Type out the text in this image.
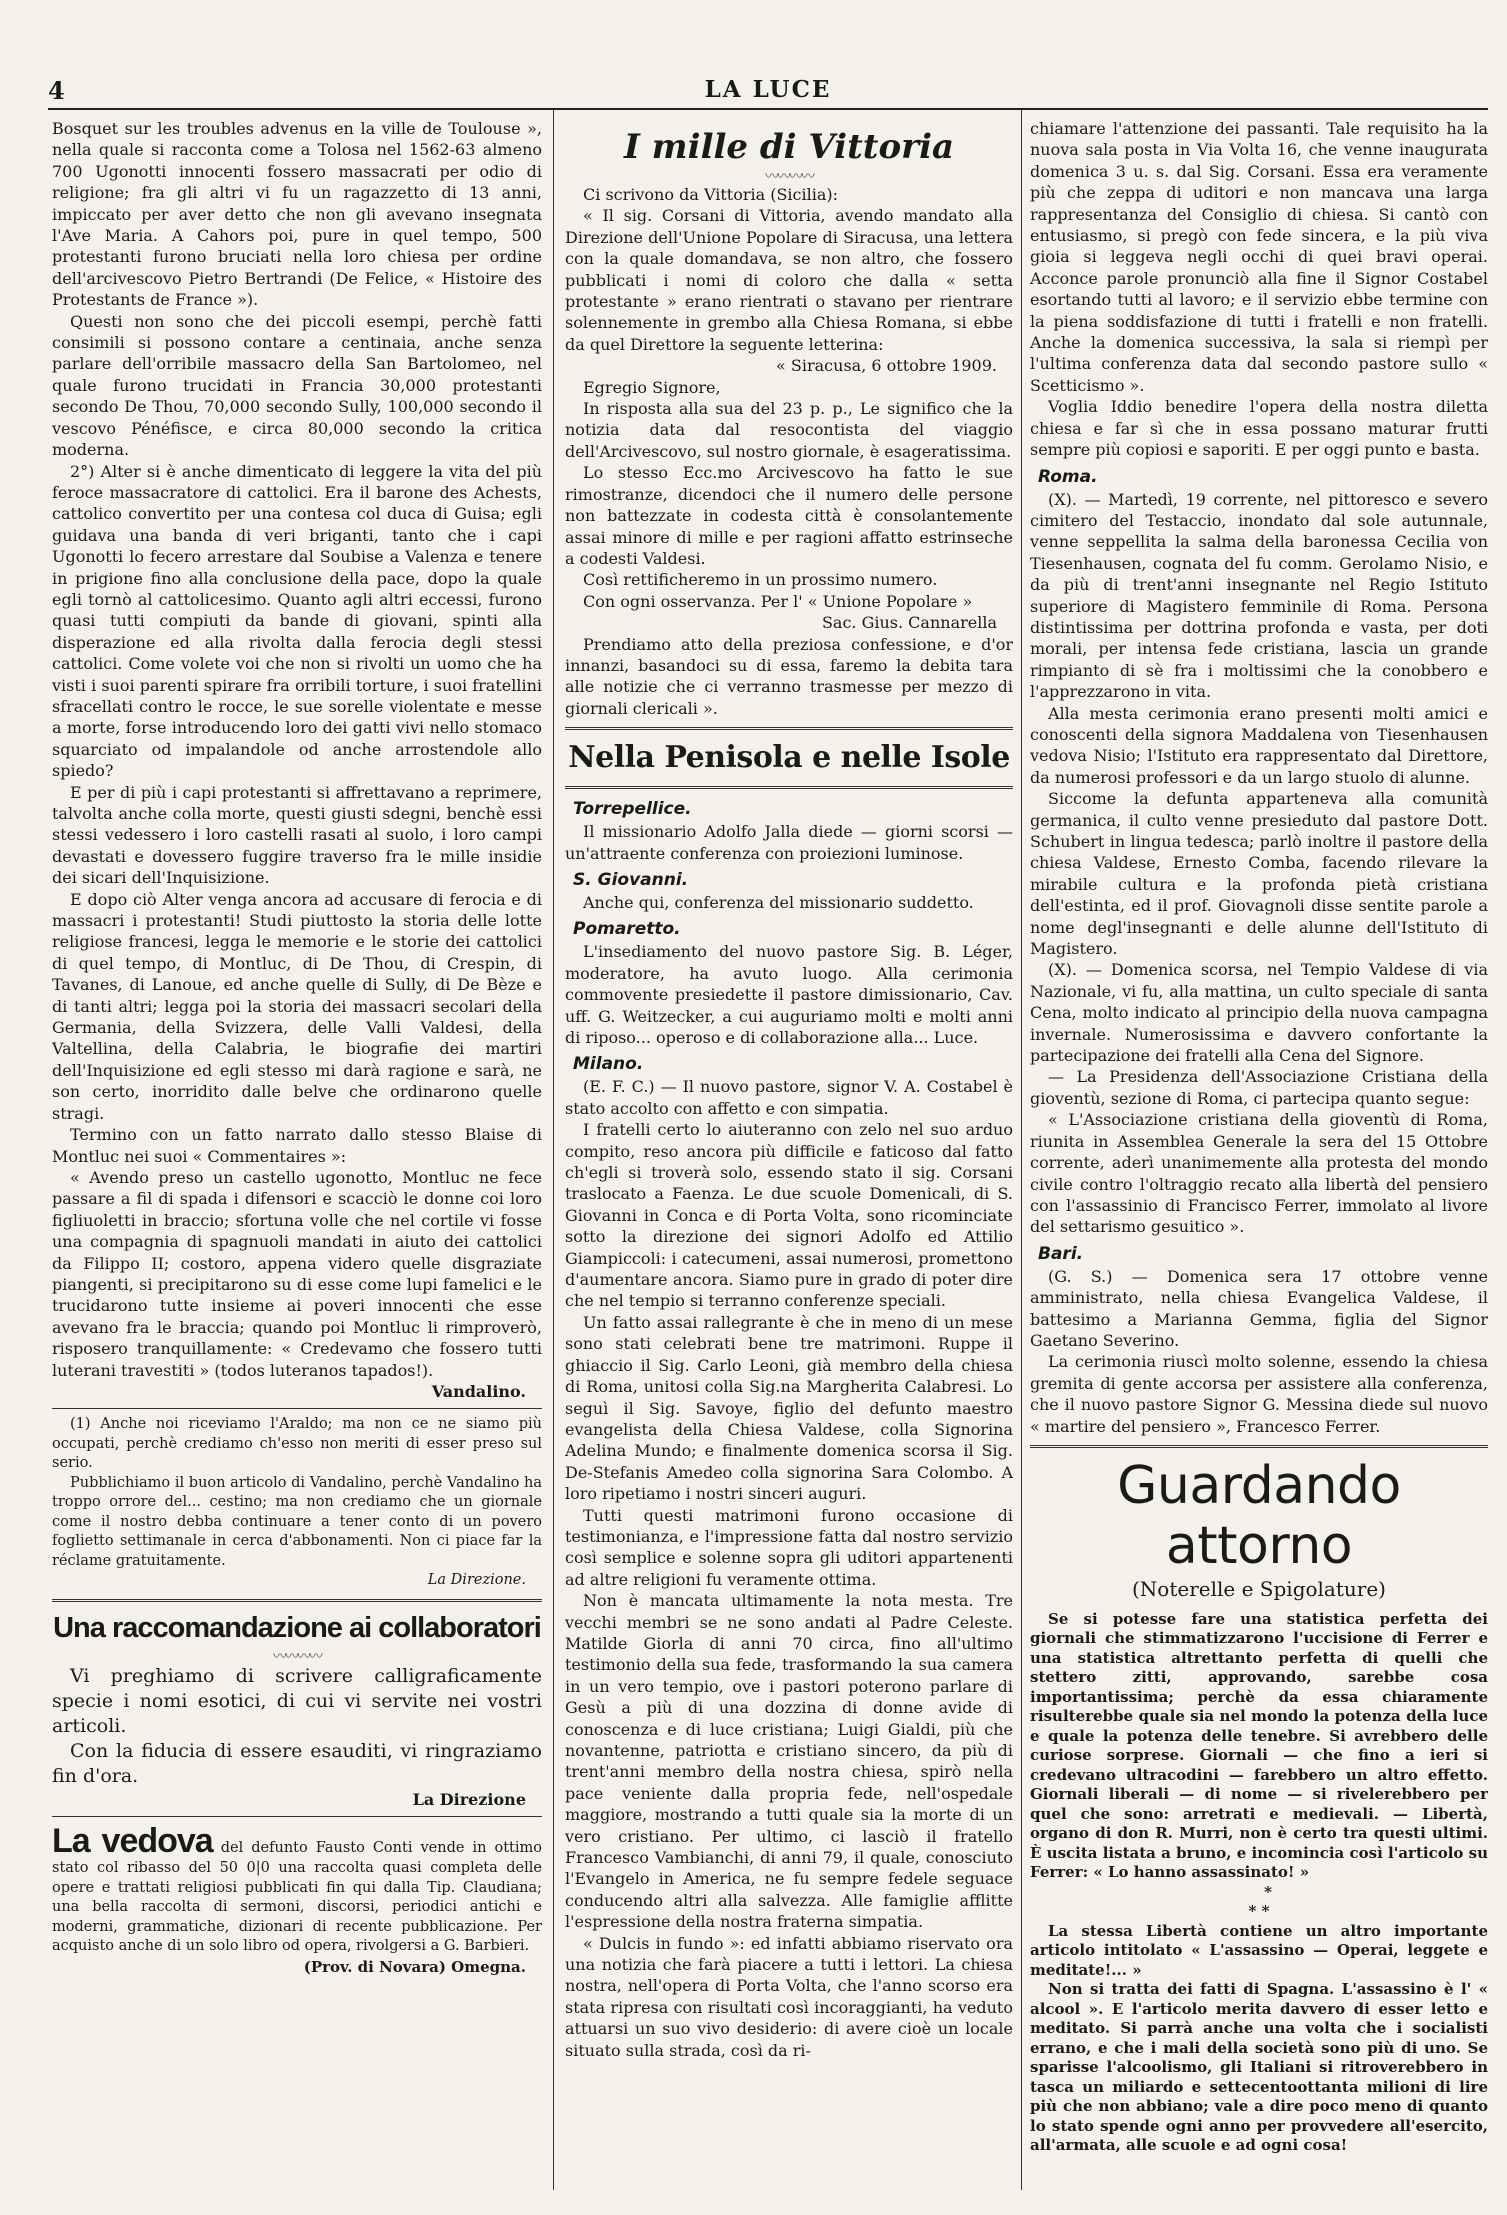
4	LA LUCE

Bosquet sur les troubles advenus en la ville de Toulouse », nella quale si racconta come a Tolosa nel 1562-63 almeno 700 Ugonotti innocenti fossero massacrati per odio di religione; fra gli altri vi fu un ragazzetto di 13 anni, impiccato per aver detto che non gli avevano insegnata l'Ave Maria. A Cahors poi, pure in quel tempo, 500 protestanti furono bruciati nella loro chiesa per ordine dell'arcivescovo Pietro Bertrandi (De Felice, « Histoire des Protestants de France »).

Questi non sono che dei piccoli esempi, perchè fatti consimili si possono contare a centinaia, anche senza parlare dell'orribile massacro della San Bartolomeo, nel quale furono trucidati in Francia 30,000 protestanti secondo De Thou, 70,000 secondo Sully, 100,000 secondo il vescovo Pénéfisce, e circa 80,000 secondo la critica moderna.

2°) Alter si è anche dimenticato di leggere la vita del più feroce massacratore di cattolici. Era il barone des Achests, cattolico convertito per una contesa col duca di Guisa; egli guidava una banda di veri briganti, tanto che i capi Ugonotti lo fecero arrestare dal Soubise a Valenza e tenere in prigione fino alla conclusione della pace, dopo la quale egli tornò al cattolicesimo. Quanto agli altri eccessi, furono quasi tutti compiuti da bande di giovani, spinti alla disperazione ed alla rivolta dalla ferocia degli stessi cattolici. Come volete voi che non si rivolti un uomo che ha visti i suoi parenti spirare fra orribili torture, i suoi fratellini sfracellati contro le rocce, le sue sorelle violentate e messe a morte, forse introducendo loro dei gatti vivi nello stomaco squarciato od impalandole od anche arrostendole allo spiedo?

E per di più i capi protestanti si affrettavano a reprimere, talvolta anche colla morte, questi giusti sdegni, benchè essi stessi vedessero i loro castelli rasati al suolo, i loro campi devastati e dovessero fuggire traverso fra le mille insidie dei sicari dell'Inquisizione.

E dopo ciò Alter venga ancora ad accusare di ferocia e di massacri i protestanti! Studi piuttosto la storia delle lotte religiose francesi, legga le memorie e le storie dei cattolici di quel tempo, di Montluc, di De Thou, di Crespin, di Tavanes, di Lanoue, ed anche quelle di Sully, di De Bèze e di tanti altri; legga poi la storia dei massacri secolari della Germania, della Svizzera, delle Valli Valdesi, della Valtellina, della Calabria, le biografie dei martiri dell'Inquisizione ed egli stesso mi darà ragione e sarà, ne son certo, inorridito dalle belve che ordinarono quelle stragi.

Termino con un fatto narrato dallo stesso Blaise di Montluc nei suoi « Commentaires »:

« Avendo preso un castello ugonotto, Montluc ne fece passare a fil di spada i difensori e scacciò le donne coi loro figliuoletti in braccio; sfortuna volle che nel cortile vi fosse una compagnia di spagnuoli mandati in aiuto dei cattolici da Filippo II; costoro, appena videro quelle disgraziate piangenti, si precipitarono su di esse come lupi famelici e le trucidarono tutte insieme ai poveri innocenti che esse avevano fra le braccia; quando poi Montluc li rimproverò, risposero tranquillamente: « Credevamo che fossero tutti luterani travestiti » (todos luteranos tapados!).

Vandalino.

(1) Anche noi riceviamo l'Araldo; ma non ce ne siamo più occupati, perchè crediamo ch'esso non meriti di esser preso sul serio.

Pubblichiamo il buon articolo di Vandalino, perchè Vandalino ha troppo orrore del... cestino; ma non crediamo che un giornale come il nostro debba continuare a tener conto di un povero foglietto settimanale in cerca d'abbonamenti. Non ci piace far la réclame gratuitamente.

La Direzione.

Una raccomandazione ai collaboratori
〰〰〰〰

Vi preghiamo di scrivere calligraficamente specie i nomi esotici, di cui vi servite nei vostri articoli.

Con la fiducia di essere esauditi, vi ringraziamo fin d'ora.

La Direzione

La vedova del defunto Fausto Conti vende in ottimo stato col ribasso del 50 0|0 una raccolta quasi completa delle opere e trattati religiosi pubblicati fin qui dalla Tip. Claudiana; una bella raccolta di sermoni, discorsi, periodici antichi e moderni, grammatiche, dizionari di recente pubblicazione. Per acquisto anche di un solo libro od opera, rivolgersi a G. Barbieri.

(Prov. di Novara) Omegna.

I mille di Vittoria
〰〰〰〰

Ci scrivono da Vittoria (Sicilia):

« Il sig. Corsani di Vittoria, avendo mandato alla Direzione dell'Unione Popolare di Siracusa, una lettera con la quale domandava, se non altro, che fossero pubblicati i nomi di coloro che dalla « setta protestante » erano rientrati o stavano per rientrare solennemente in grembo alla Chiesa Romana, si ebbe da quel Direttore la seguente letterina:

« Siracusa, 6 ottobre 1909.

Egregio Signore,

In risposta alla sua del 23 p. p., Le significo che la notizia data dal resocontista del viaggio dell'Arcivescovo, sul nostro giornale, è esageratissima.

Lo stesso Ecc.mo Arcivescovo ha fatto le sue rimostranze, dicendoci che il numero delle persone non battezzate in codesta città è consolantemente assai minore di mille e per ragioni affatto estrinseche a codesti Valdesi.

Così rettificheremo in un prossimo numero.

Con ogni osservanza. Per l' « Unione Popolare »

Sac. Gius. Cannarella

Prendiamo atto della preziosa confessione, e d'or innanzi, basandoci su di essa, faremo la debita tara alle notizie che ci verranno trasmesse per mezzo di giornali clericali ».

Nella Penisola e nelle Isole
Torrepellice.

Il missionario Adolfo Jalla diede — giorni scorsi — un'attraente conferenza con proiezioni luminose.

S. Giovanni.

Anche qui, conferenza del missionario suddetto.

Pomaretto.

L'insediamento del nuovo pastore Sig. B. Léger, moderatore, ha avuto luogo. Alla cerimonia commovente presiedette il pastore dimissionario, Cav. uff. G. Weitzecker, a cui auguriamo molti e molti anni di riposo... operoso e di collaborazione alla... Luce.

Milano.

(E. F. C.) — Il nuovo pastore, signor V. A. Costabel è stato accolto con affetto e con simpatia.

I fratelli certo lo aiuteranno con zelo nel suo arduo compito, reso ancora più difficile e faticoso dal fatto ch'egli si troverà solo, essendo stato il sig. Corsani traslocato a Faenza. Le due scuole Domenicali, di S. Giovanni in Conca e di Porta Volta, sono ricominciate sotto la direzione dei signori Adolfo ed Attilio Giampiccoli: i catecumeni, assai numerosi, promettono d'aumentare ancora. Siamo pure in grado di poter dire che nel tempio si terranno conferenze speciali.

Un fatto assai rallegrante è che in meno di un mese sono stati celebrati bene tre matrimoni. Ruppe il ghiaccio il Sig. Carlo Leoni, già membro della chiesa di Roma, unitosi colla Sig.na Margherita Calabresi. Lo seguì il Sig. Savoye, figlio del defunto maestro evangelista della Chiesa Valdese, colla Signorina Adelina Mundo; e finalmente domenica scorsa il Sig. De-Stefanis Amedeo colla signorina Sara Colombo. A loro ripetiamo i nostri sinceri auguri.

Tutti questi matrimoni furono occasione di testimonianza, e l'impressione fatta dal nostro servizio così semplice e solenne sopra gli uditori appartenenti ad altre religioni fu veramente ottima.

Non è mancata ultimamente la nota mesta. Tre vecchi membri se ne sono andati al Padre Celeste. Matilde Giorla di anni 70 circa, fino all'ultimo testimonio della sua fede, trasformando la sua camera in un vero tempio, ove i pastori poterono parlare di Gesù a più di una dozzina di donne avide di conoscenza e di luce cristiana; Luigi Gialdi, più che novantenne, patriotta e cristiano sincero, da più di trent'anni membro della nostra chiesa, spirò nella pace veniente dalla propria fede, nell'ospedale maggiore, mostrando a tutti quale sia la morte di un vero cristiano. Per ultimo, ci lasciò il fratello Francesco Vambianchi, di anni 79, il quale, conosciuto l'Evangelo in America, ne fu sempre fedele seguace conducendo altri alla salvezza. Alle famiglie afflitte l'espressione della nostra fraterna simpatia.

« Dulcis in fundo »: ed infatti abbiamo riservato ora una notizia che farà piacere a tutti i lettori. La chiesa nostra, nell'opera di Porta Volta, che l'anno scorso era stata ripresa con risultati così incoraggianti, ha veduto attuarsi un suo vivo desiderio: di avere cioè un locale situato sulla strada, così da ri-

chiamare l'attenzione dei passanti. Tale requisito ha la nuova sala posta in Via Volta 16, che venne inaugurata domenica 3 u. s. dal Sig. Corsani. Essa era veramente più che zeppa di uditori e non mancava una larga rappresentanza del Consiglio di chiesa. Si cantò con entusiasmo, si pregò con fede sincera, e la più viva gioia si leggeva negli occhi di quei bravi operai. Acconce parole pronunciò alla fine il Signor Costabel esortando tutti al lavoro; e il servizio ebbe termine con la piena soddisfazione di tutti i fratelli e non fratelli. Anche la domenica successiva, la sala si riempì per l'ultima conferenza data dal secondo pastore sullo « Scetticismo ».

Voglia Iddio benedire l'opera della nostra diletta chiesa e far sì che in essa possano maturar frutti sempre più copiosi e saporiti. E per oggi punto e basta.

Roma.

(X). — Martedì, 19 corrente, nel pittoresco e severo cimitero del Testaccio, inondato dal sole autunnale, venne seppellita la salma della baronessa Cecilia von Tiesenhausen, cognata del fu comm. Gerolamo Nisio, e da più di trent'anni insegnante nel Regio Istituto superiore di Magistero femminile di Roma. Persona distintissima per dottrina profonda e vasta, per doti morali, per intensa fede cristiana, lascia un grande rimpianto di sè fra i moltissimi che la conobbero e l'apprezzarono in vita.

Alla mesta cerimonia erano presenti molti amici e conoscenti della signora Maddalena von Tiesenhausen vedova Nisio; l'Istituto era rappresentato dal Direttore, da numerosi professori e da un largo stuolo di alunne.

Siccome la defunta apparteneva alla comunità germanica, il culto venne presieduto dal pastore Dott. Schubert in lingua tedesca; parlò inoltre il pastore della chiesa Valdese, Ernesto Comba, facendo rilevare la mirabile cultura e la profonda pietà cristiana dell'estinta, ed il prof. Giovagnoli disse sentite parole a nome degl'insegnanti e delle alunne dell'Istituto di Magistero.

(X). — Domenica scorsa, nel Tempio Valdese di via Nazionale, vi fu, alla mattina, un culto speciale di santa Cena, molto indicato al principio della nuova campagna invernale. Numerosissima e davvero confortante la partecipazione dei fratelli alla Cena del Signore.

— La Presidenza dell'Associazione Cristiana della gioventù, sezione di Roma, ci partecipa quanto segue:

« L'Associazione cristiana della gioventù di Roma, riunita in Assemblea Generale la sera del 15 Ottobre corrente, aderì unanimemente alla protesta del mondo civile contro l'oltraggio recato alla libertà del pensiero con l'assassinio di Francisco Ferrer, immolato al livore del settarismo gesuitico ».

Bari.

(G. S.) — Domenica sera 17 ottobre venne amministrato, nella chiesa Evangelica Valdese, il battesimo a Marianna Gemma, figlia del Signor Gaetano Severino.

La cerimonia riuscì molto solenne, essendo la chiesa gremita di gente accorsa per assistere alla conferenza, che il nuovo pastore Signor G. Messina diede sul nuovo « martire del pensiero », Francesco Ferrer.

Guardando attorno
(Noterelle e Spigolature)

Se si potesse fare una statistica perfetta dei giornali che stimmatizzarono l'uccisione di Ferrer e una statistica altrettanto perfetta di quelli che stettero zitti, approvando, sarebbe cosa importantissima; perchè da essa chiaramente risulterebbe quale sia nel mondo la potenza della luce e quale la potenza delle tenebre. Si avrebbero delle curiose sorprese. Giornali — che fino a ieri si credevano ultracodini — farebbero un altro effetto. Giornali liberali — di nome — si rivelerebbero per quel che sono: arretrati e medievali. — Libertà, organo di don R. Murri, non è certo tra questi ultimi. È uscita listata a bruno, e incomincia così l'articolo su Ferrer: « Lo hanno assassinato! »

*
* *

La stessa Libertà contiene un altro importante articolo intitolato « L'assassino — Operai, leggete e meditate!... »

Non si tratta dei fatti di Spagna. L'assassino è l' « alcool ». E l'articolo merita davvero di esser letto e meditato. Si parrà anche una volta che i socialisti errano, e che i mali della società sono più di uno. Se sparisse l'alcoolismo, gli Italiani si ritroverebbero in tasca un miliardo e settecentoottanta milioni di lire più che non abbiano; vale a dire poco meno di quanto lo stato spende ogni anno per provvedere all'esercito, all'armata, alle scuole e ad ogni cosa!
